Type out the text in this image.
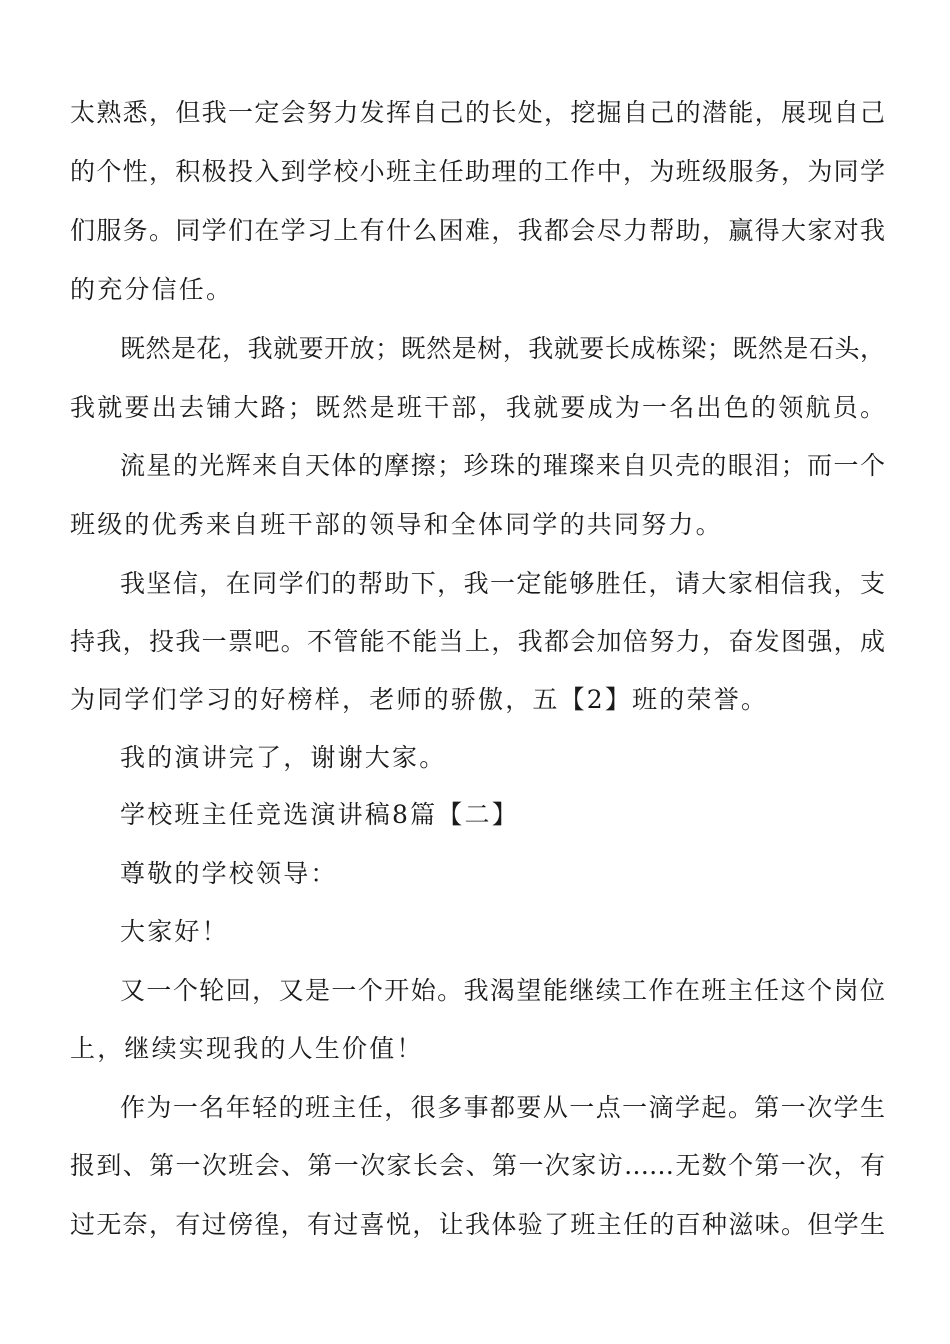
太熟悉，但我一定会努力发挥自己的长处，挖掘自己的潜能，展现自己
的个性，积极投入到学校小班主任助理的工作中，为班级服务，为同学
们服务。同学们在学习上有什么困难，我都会尽力帮助，赢得大家对我
的充分信任。
既然是花，我就要开放；既然是树，我就要长成栋梁；既然是石头，
我就要出去铺大路；既然是班干部，我就要成为一名出色的领航员。
流星的光辉来自天体的摩擦；珍珠的璀璨来自贝壳的眼泪；而一个
班级的优秀来自班干部的领导和全体同学的共同努力。
我坚信，在同学们的帮助下，我一定能够胜任，请大家相信我，支
持我，投我一票吧。不管能不能当上，我都会加倍努力，奋发图强，成
为同学们学习的好榜样，老师的骄傲，五【2】班的荣誉。
我的演讲完了，谢谢大家。
学校班主任竞选演讲稿8篇【二】
尊敬的学校领导：
大家好！
又一个轮回，又是一个开始。我渴望能继续工作在班主任这个岗位
上，继续实现我的人生价值！
作为一名年轻的班主任，很多事都要从一点一滴学起。第一次学生
报到、第一次班会、第一次家长会、第一次家访……无数个第一次，有
过无奈，有过傍徨，有过喜悦，让我体验了班主任的百种滋味。但学生
